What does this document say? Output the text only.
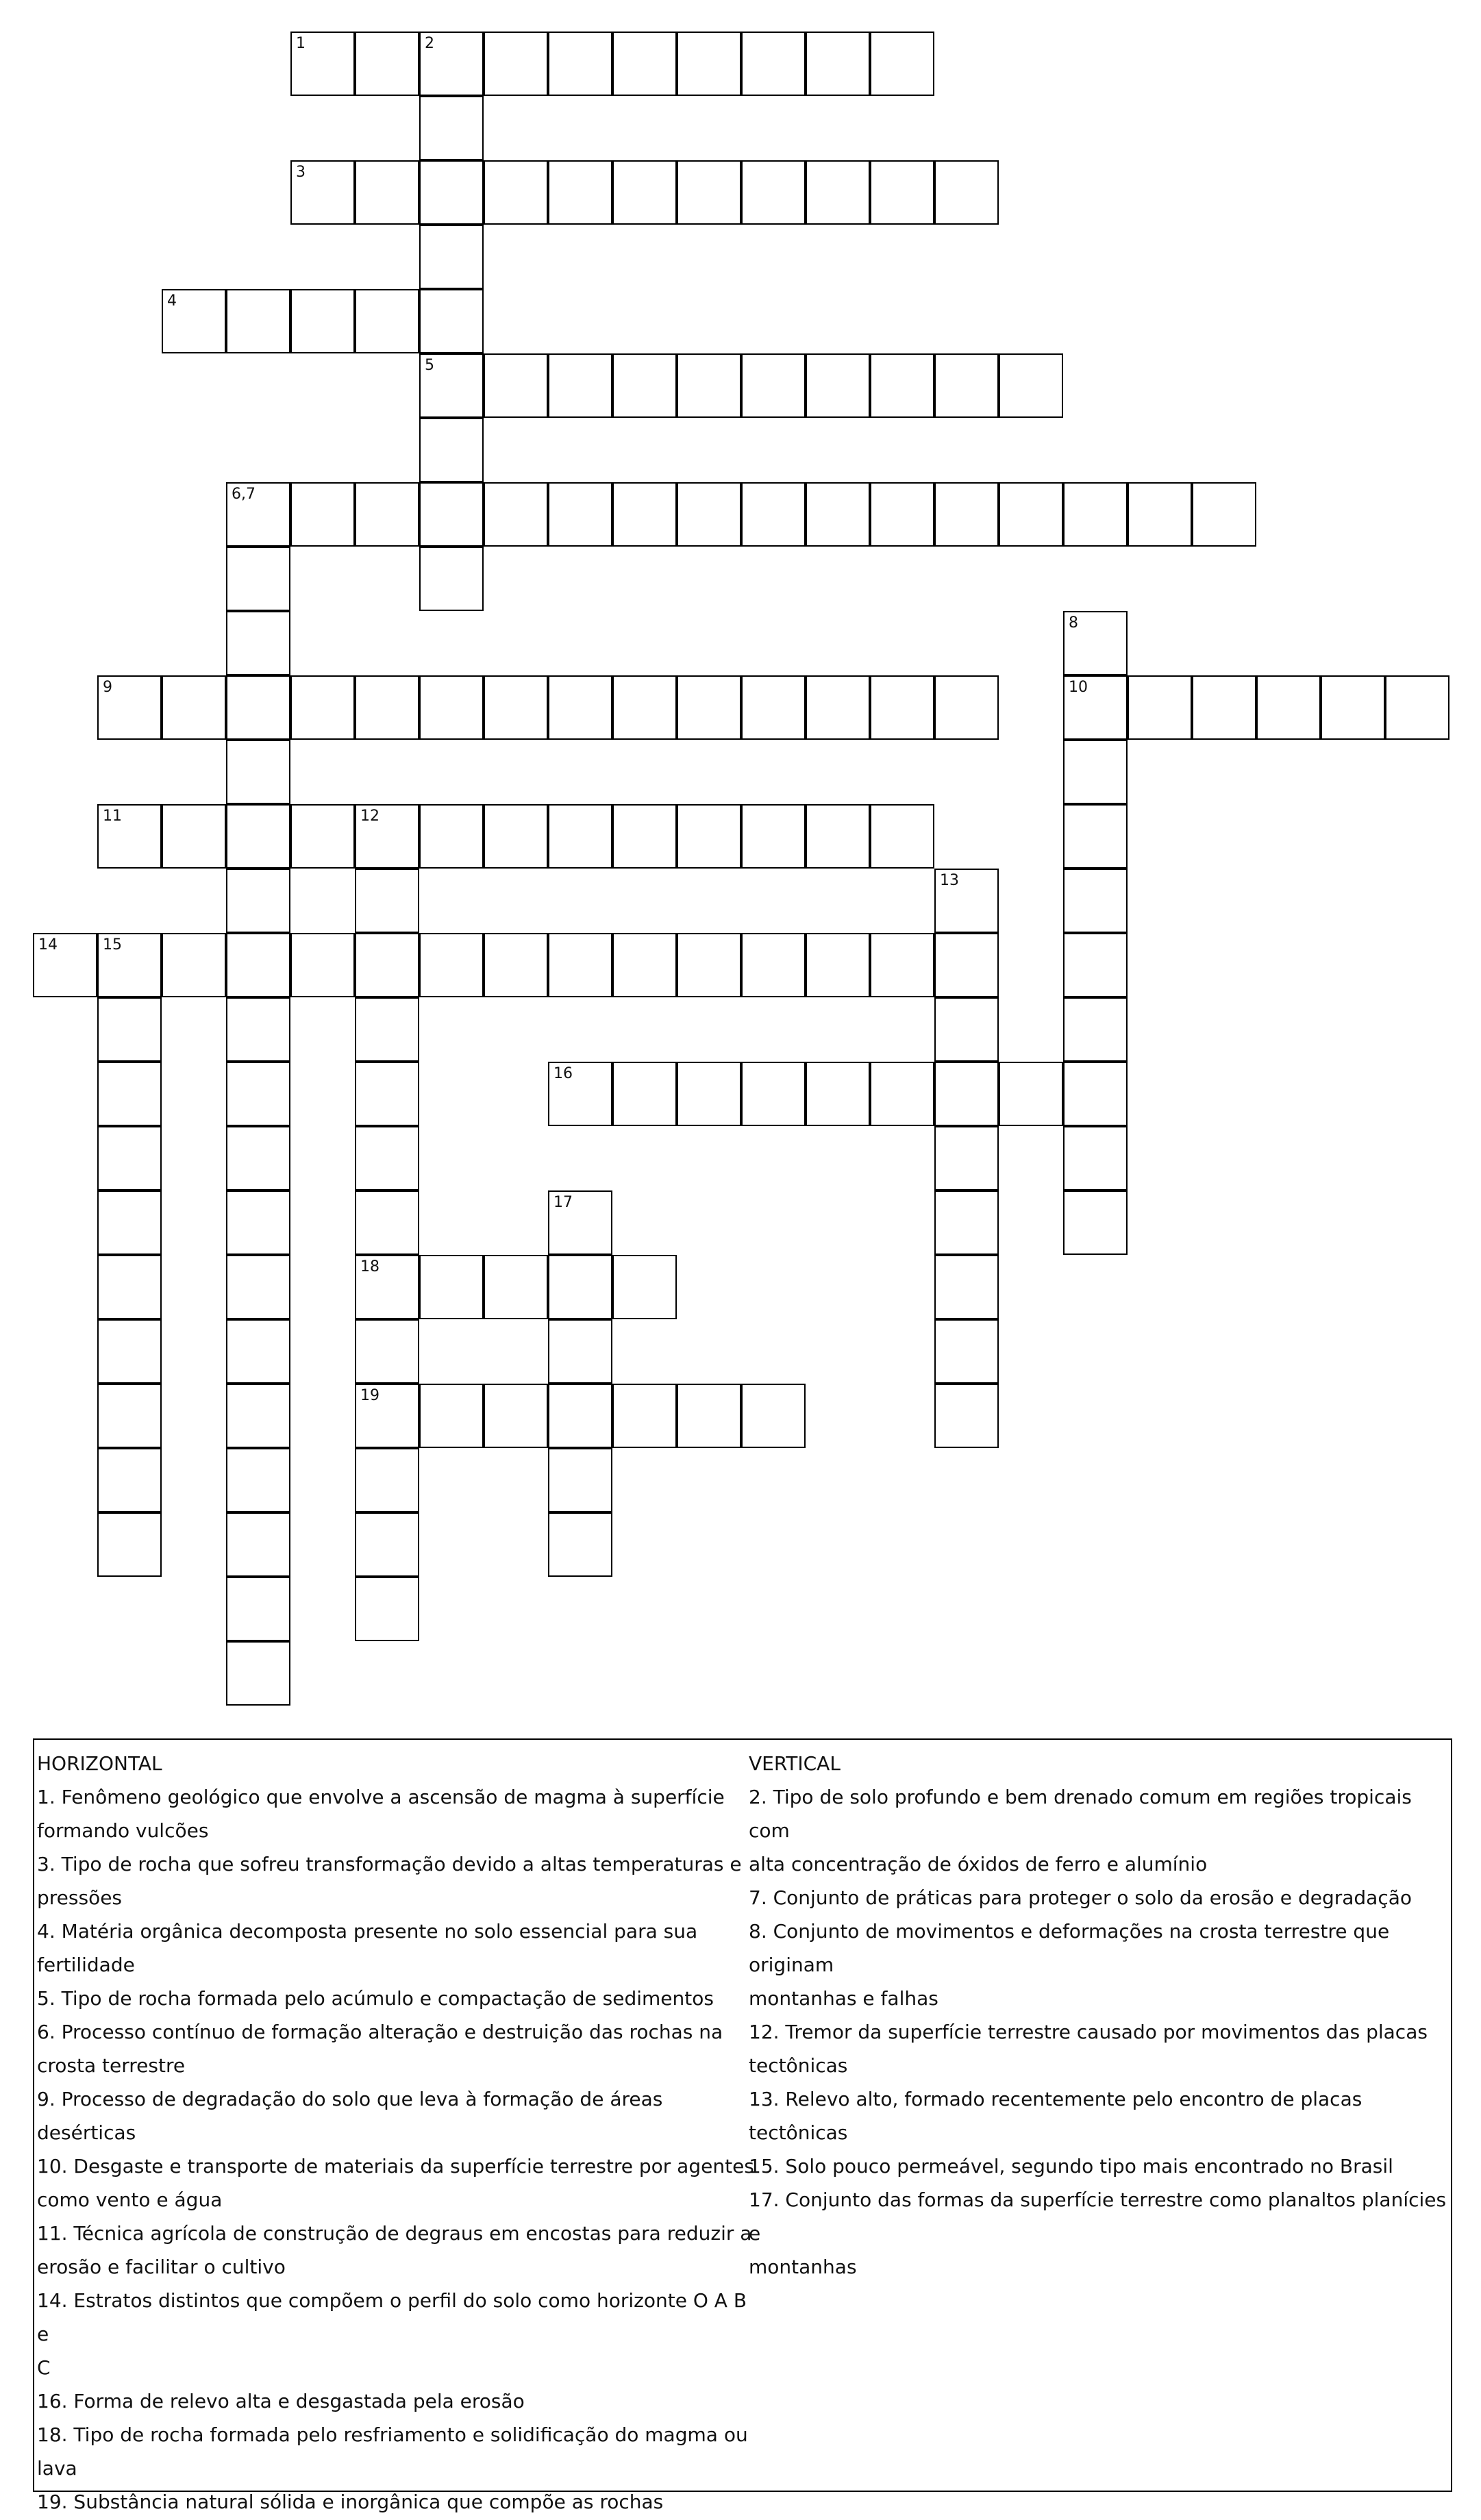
1	2
3
4
5
6,7
8
9	10
11	12
13
14	15
16
17
18
19

HORIZONTAL

1. Fenômeno geológico que envolve a ascensão de magma à superfície

formando vulcões

3. Tipo de rocha que sofreu transformação devido a altas temperaturas e

pressões

4. Matéria orgânica decomposta presente no solo essencial para sua

fertilidade

5. Tipo de rocha formada pelo acúmulo e compactação de sedimentos

6. Processo contínuo de formação alteração e destruição das rochas na

crosta terrestre

9. Processo de degradação do solo que leva à formação de áreas desérticas

10. Desgaste e transporte de materiais da superfície terrestre por agentes

como vento e água

11. Técnica agrícola de construção de degraus em encostas para reduzir a

erosão e facilitar o cultivo

14. Estratos distintos que compõem o perfil do solo como horizonte O A B e

C

16. Forma de relevo alta e desgastada pela erosão

18. Tipo de rocha formada pelo resfriamento e solidificação do magma ou

lava

19. Substância natural sólida e inorgânica que compõe as rochas

VERTICAL

2. Tipo de solo profundo e bem drenado comum em regiões tropicais com

alta concentração de óxidos de ferro e alumínio

7. Conjunto de práticas para proteger o solo da erosão e degradação

8. Conjunto de movimentos e deformações na crosta terrestre que originam

montanhas e falhas

12. Tremor da superfície terrestre causado por movimentos das placas

tectônicas

13. Relevo alto, formado recentemente pelo encontro de placas tectônicas

15. Solo pouco permeável, segundo tipo mais encontrado no Brasil

17. Conjunto das formas da superfície terrestre como planaltos planícies e

montanhas
